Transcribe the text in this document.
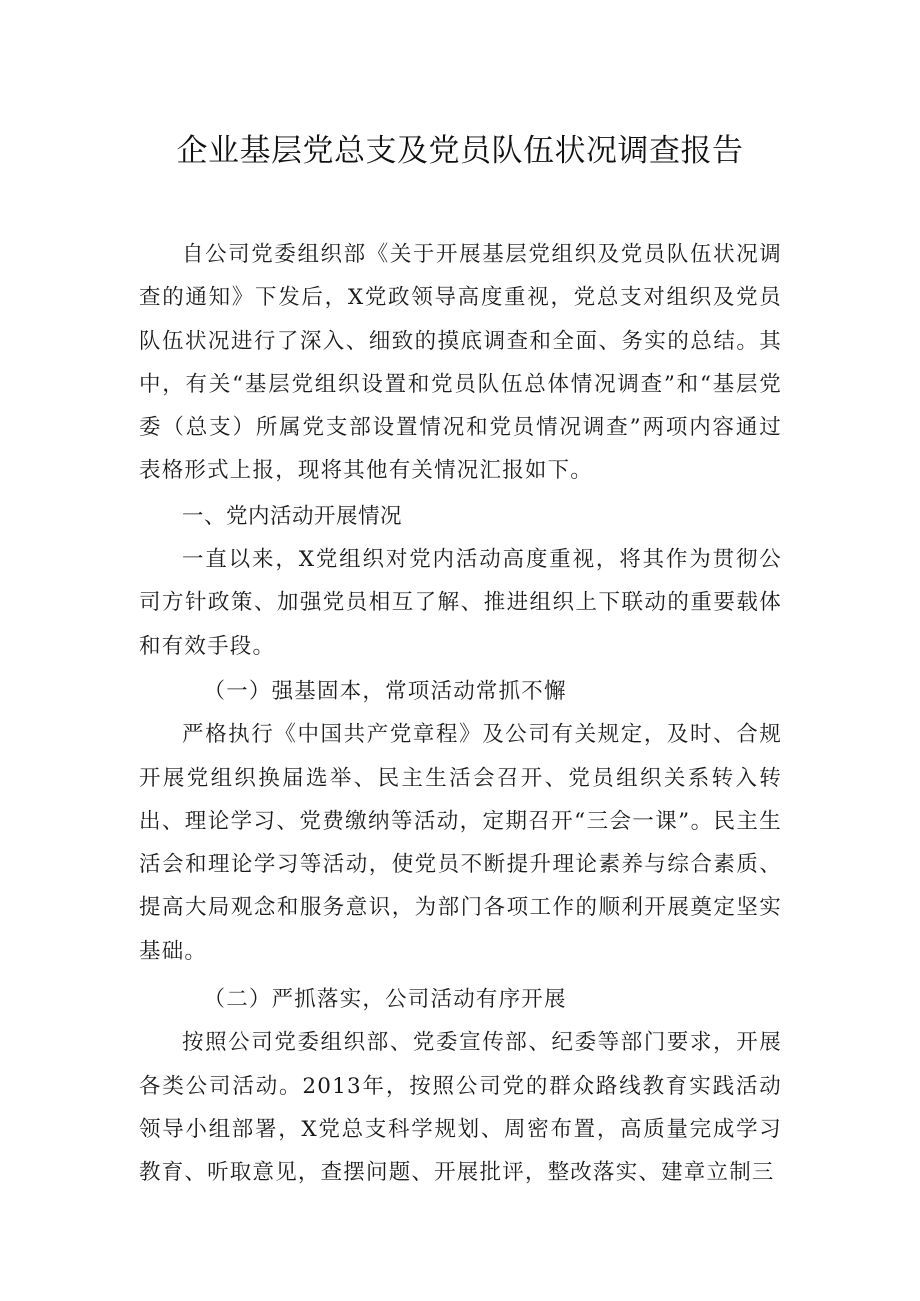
企业基层党总支及党员队伍状况调查报告

自公司党委组织部《关于开展基层党组织及党员队伍状况调查的通知》下发后，X党政领导高度重视，党总支对组织及党员队伍状况进行了深入、细致的摸底调查和全面、务实的总结。其中，有关“基层党组织设置和党员队伍总体情况调查”和“基层党委（总支）所属党支部设置情况和党员情况调查”两项内容通过表格形式上报，现将其他有关情况汇报如下。

一、党内活动开展情况

一直以来，X党组织对党内活动高度重视，将其作为贯彻公司方针政策、加强党员相互了解、推进组织上下联动的重要载体和有效手段。

（一）强基固本，常项活动常抓不懈

严格执行《中国共产党章程》及公司有关规定，及时、合规开展党组织换届选举、民主生活会召开、党员组织关系转入转出、理论学习、党费缴纳等活动，定期召开“三会一课”。民主生活会和理论学习等活动，使党员不断提升理论素养与综合素质、提高大局观念和服务意识，为部门各项工作的顺利开展奠定坚实基础。

（二）严抓落实，公司活动有序开展

按照公司党委组织部、党委宣传部、纪委等部门要求，开展各类公司活动。2013年，按照公司党的群众路线教育实践活动领导小组部署，X党总支科学规划、周密布置，高质量完成学习教育、听取意见，查摆问题、开展批评，整改落实、建章立制三
